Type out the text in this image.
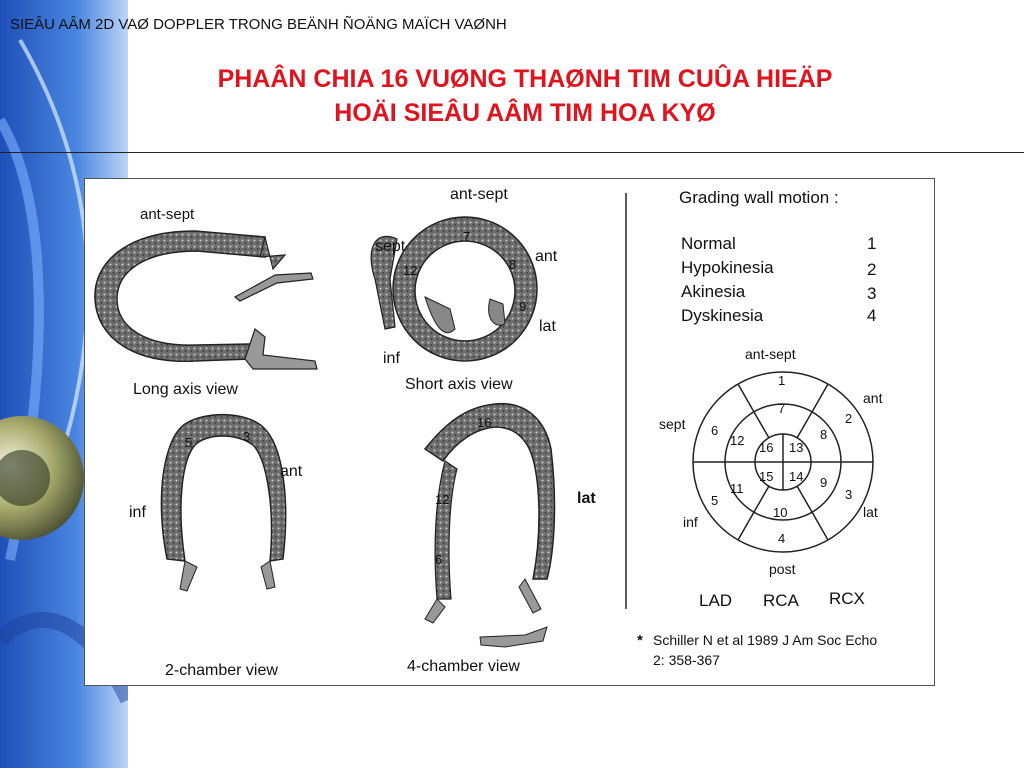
SIEÂU AÂM 2D VAØ DOPPLER TRONG BEÄNH ÑOÄNG MAÏCH VAØNH
PHAÂN CHIA 16 VUØNG THAØNH TIM CUÛA HIEÄP
HOÄI SIEÂU AÂM TIM HOA KYØ
ant-sept
Long axis view
ant-sept
sept
ant
lat
inf
7
8
9
12
Short axis view
ant
inf
3
5
2-chamber view
lat
16
6
12
4-chamber view
Grading wall motion :
Normal	1
Hypokinesia	2
Akinesia	3
Dyskinesia	4
ant-sept
ant
sept
lat
inf
post
1
2
3
4
5
6
7
8
9
10
11
12	13
14
15
16
LAD RCA RCX
* Schiller N et al 1989 J Am Soc Echo
2: 358-367
